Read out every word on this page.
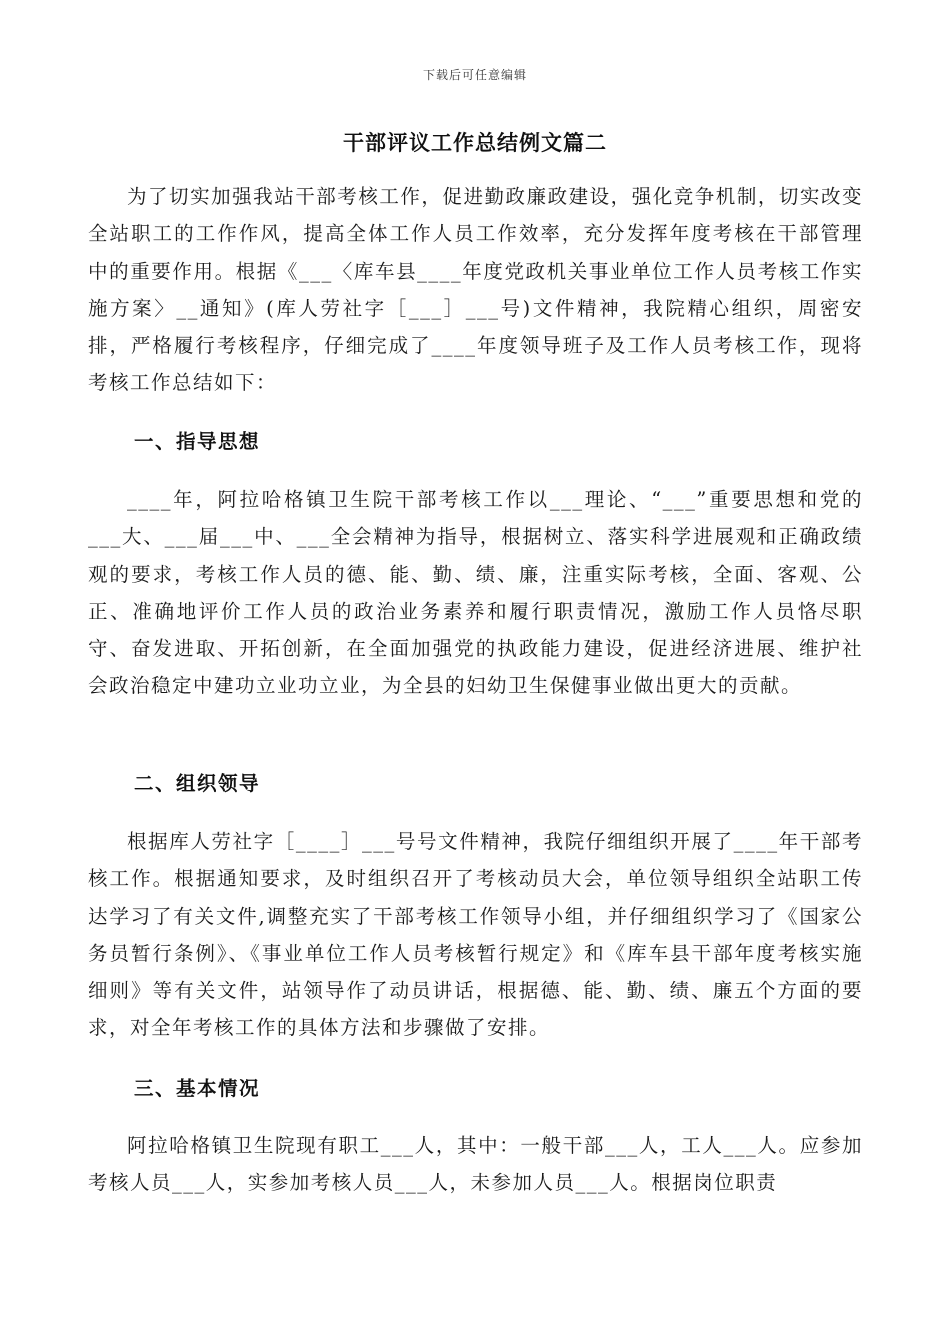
下载后可任意编辑
干部评议工作总结例文篇二

为了切实加强我站干部考核工作，促进勤政廉政建设，强化竞争机制，切实改变全站职工的工作作风，提高全体工作人员工作效率，充分发挥年度考核在干部管理中的重要作用。根据《___〈库车县____年度党政机关事业单位工作人员考核工作实施方案〉__通知》(库人劳社字［___］___号)文件精神，我院精心组织，周密安排，严格履行考核程序，仔细完成了____年度领导班子及工作人员考核工作，现将考核工作总结如下：

一、指导思想

____年，阿拉哈格镇卫生院干部考核工作以___理论、“___”重要思想和党的___大、___届___中、___全会精神为指导，根据树立、落实科学进展观和正确政绩观的要求，考核工作人员的德、能、勤、绩、廉，注重实际考核，全面、客观、公正、准确地评价工作人员的政治业务素养和履行职责情况，激励工作人员恪尽职守、奋发进取、开拓创新，在全面加强党的执政能力建设，促进经济进展、维护社会政治稳定中建功立业功立业，为全县的妇幼卫生保健事业做出更大的贡献。

二、组织领导

根据库人劳社字［____］___号号文件精神，我院仔细组织开展了____年干部考核工作。根据通知要求，及时组织召开了考核动员大会，单位领导组织全站职工传达学习了有关文件,调整充实了干部考核工作领导小组，并仔细组织学习了《国家公务员暂行条例》、《事业单位工作人员考核暂行规定》和《库车县干部年度考核实施细则》等有关文件，站领导作了动员讲话，根据德、能、勤、绩、廉五个方面的要求，对全年考核工作的具体方法和步骤做了安排。

三、基本情况

阿拉哈格镇卫生院现有职工___人，其中：一般干部___人，工人___人。应参加考核人员___人，实参加考核人员___人，未参加人员___人。根据岗位职责
